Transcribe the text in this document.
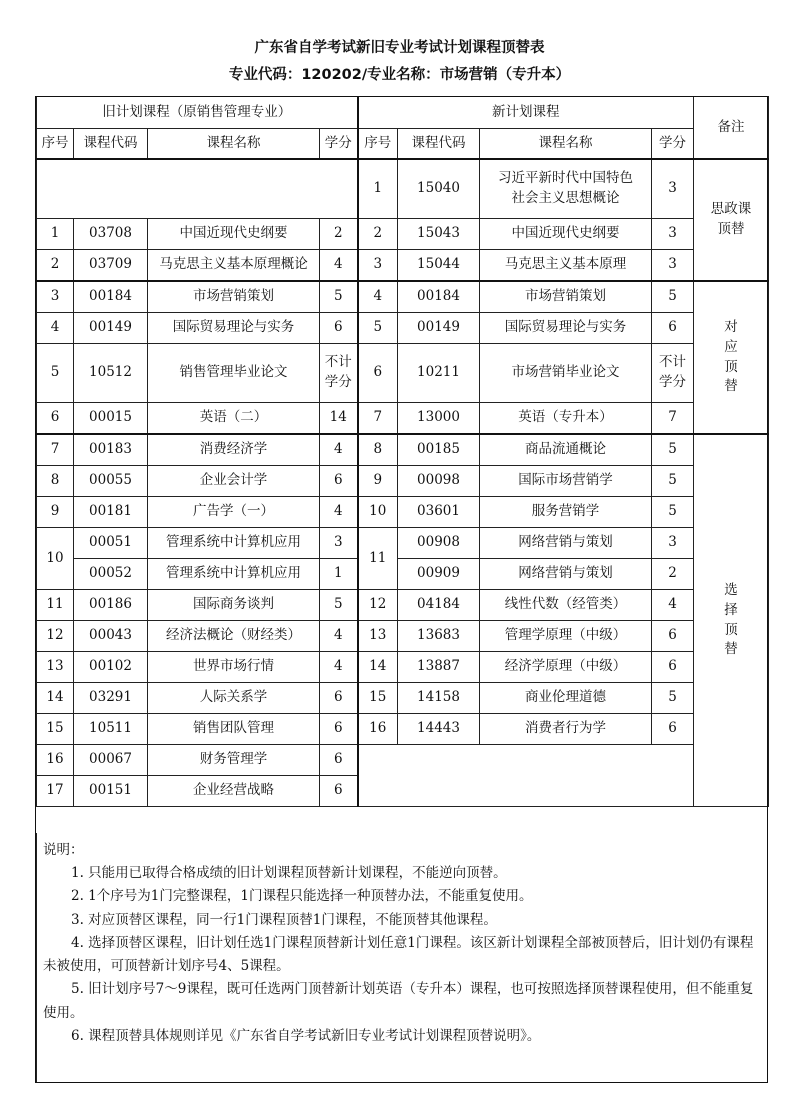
广东省自学考试新旧专业考试计划课程顶替表
专业代码：120202/专业名称：市场营销（专升本）
旧计划课程（原销售管理专业）				新计划课程				备注
序号	课程代码	课程名称	学分	序号	课程代码	课程名称	学分	
				1	15040	习近平新时代中国特色社会主义思想概论	3	思政课顶替
1	03708	中国近现代史纲要	2	2	15043	中国近现代史纲要	3	
2	03709	马克思主义基本原理概论	4	3	15044	马克思主义基本原理	3	
3	00184	市场营销策划	5	4	00184	市场营销策划	5	对应顶替
4	00149	国际贸易理论与实务	6	5	00149	国际贸易理论与实务	6	
5	10512	销售管理毕业论文	不计学分	6	10211	市场营销毕业论文	不计学分	
6	00015	英语（二）	14	7	13000	英语（专升本）	7	
7	00183	消费经济学	4	8	00185	商品流通概论	5	选择顶替
8	00055	企业会计学	6	9	00098	国际市场营销学	5	
9	00181	广告学（一）	4	10	03601	服务营销学	5	
10	00051	管理系统中计算机应用	3	11	00908	网络营销与策划	3	
	00052	管理系统中计算机应用	1		00909	网络营销与策划	2	
11	00186	国际商务谈判	5	12	04184	线性代数（经管类）	4	
12	00043	经济法概论（财经类）	4	13	13683	管理学原理（中级）	6	
13	00102	世界市场行情	4	14	13887	经济学原理（中级）	6	
14	03291	人际关系学	6	15	14158	商业伦理道德	5	
15	10511	销售团队管理	6	16	14443	消费者行为学	6	
16	00067	财务管理学	6					
17	00151	企业经营战略	6					
说明：
1. 只能用已取得合格成绩的旧计划课程顶替新计划课程，不能逆向顶替。
2. 1个序号为1门完整课程，1门课程只能选择一种顶替办法，不能重复使用。
3. 对应顶替区课程，同一行1门课程顶替1门课程，不能顶替其他课程。
4. 选择顶替区课程，旧计划任选1门课程顶替新计划任意1门课程。该区新计划课程全部被顶替后，旧计划仍有课程未被使用，可顶替新计划序号4、5课程。
5. 旧计划序号7～9课程，既可任选两门顶替新计划英语（专升本）课程，也可按照选择顶替课程使用，但不能重复使用。
6. 课程顶替具体规则详见《广东省自学考试新旧专业考试计划课程顶替说明》。
